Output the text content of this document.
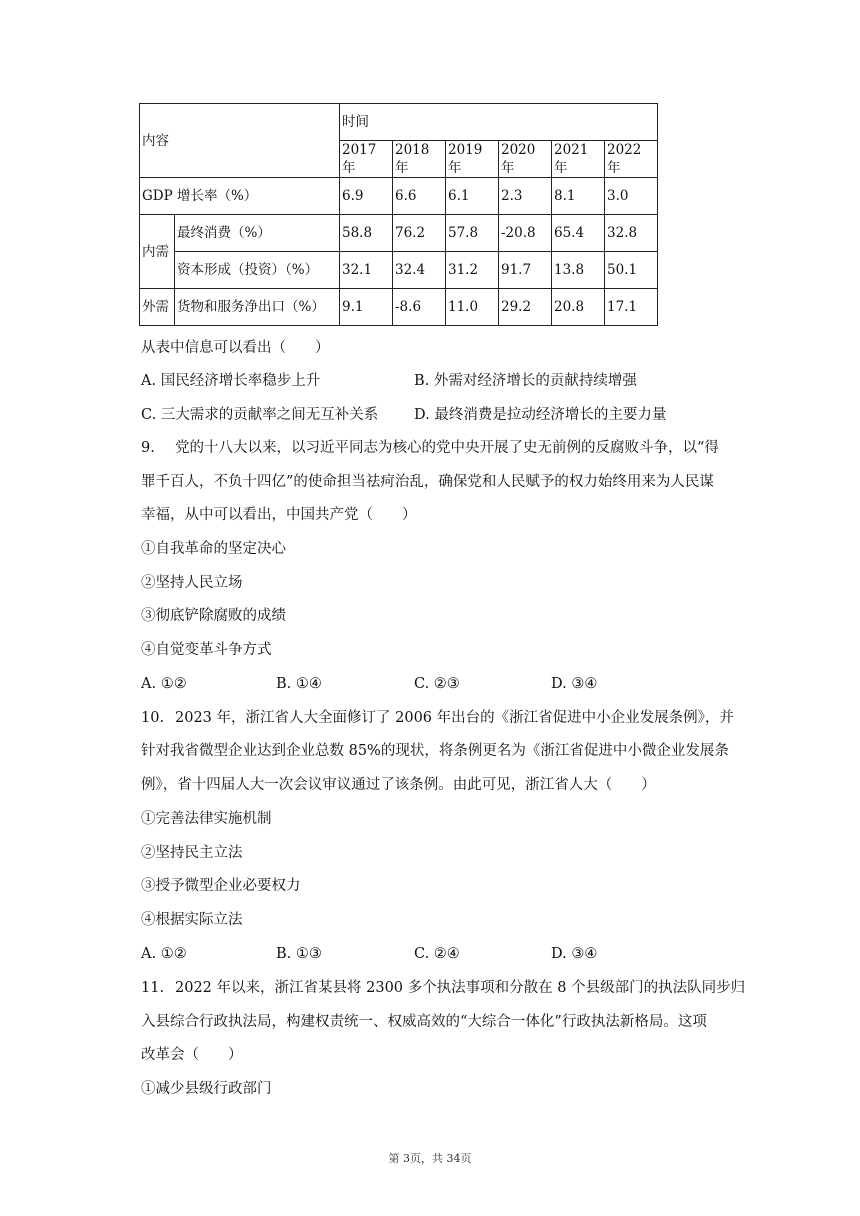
内容		时间					
		2017 年	2018 年	2019 年	2020 年	2021 年	2022 年
GDP 增长率（%）		6.9	6.6	6.1	2.3	8.1	3.0
内需	最终消费（%）	58.8	76.2	57.8	-20.8	65.4	32.8
	资本形成（投资）（%）	32.1	32.4	31.2	91.7	13.8	50.1
外需	货物和服务净出口（%）	9.1	-8.6	11.0	29.2	20.8	17.1
从表中信息可以看出（　　）
A. 国民经济增长率稳步上升	B. 外需对经济增长的贡献持续增强
C. 三大需求的贡献率之间无互补关系 D. 最终消费是拉动经济增长的主要力量
9. 党的十八大以来，以习近平同志为核心的党中央开展了史无前例的反腐败斗争，以“得
罪千百人，不负十四亿”的使命担当祛疴治乱，确保党和人民赋予的权力始终用来为人民谋
幸福，从中可以看出，中国共产党（　　）
①自我革命的坚定决心
②坚持人民立场
③彻底铲除腐败的成绩
④自觉变革斗争方式
A. ①②	B. ①④	C. ②③	D. ③④
10. 2023 年，浙江省人大全面修订了 2006 年出台的《浙江省促进中小企业发展条例》，并
针对我省微型企业达到企业总数 85%的现状，将条例更名为《浙江省促进中小微企业发展条
例》，省十四届人大一次会议审议通过了该条例。由此可见，浙江省人大（　　）
①完善法律实施机制
②坚持民主立法
③授予微型企业必要权力
④根据实际立法
A. ①②	B. ①③	C. ②④	D. ③④
11. 2022 年以来，浙江省某县将 2300 多个执法事项和分散在 8 个县级部门的执法队同步归
入县综合行政执法局，构建权责统一、权威高效的“大综合一体化”行政执法新格局。这项
改革会（　　）
①减少县级行政部门
第 3页，共 34页
